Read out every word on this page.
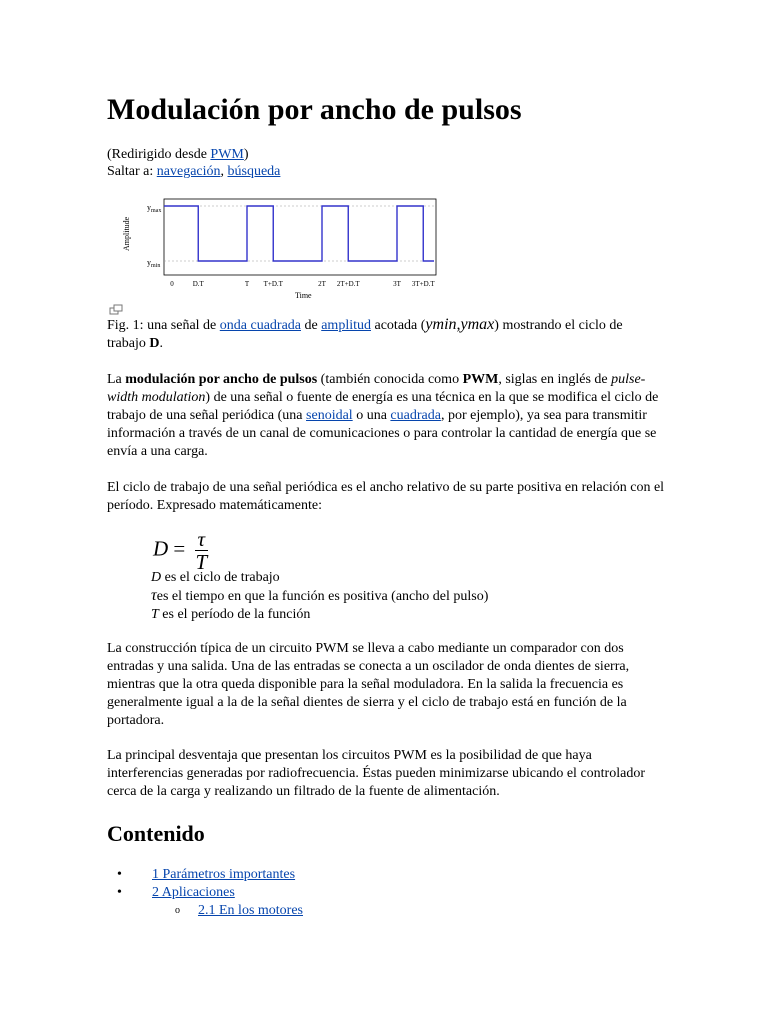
Modulación por ancho de pulsos
(Redirigido desde PWM)
Saltar a: navegación, búsqueda
Amplitude
$y_{max}$
$y_{min}$
0	D.T	T T+D.T	2T 2T+D.T	3T 3T+D.T
Time
Fig. 1: una señal de onda cuadrada de amplitud acotada (ymin,ymax) mostrando el ciclo de trabajo D.

La modulación por ancho de pulsos (también conocida como PWM, siglas en inglés de pulse-width modulation) de una señal o fuente de energía es una técnica en la que se modifica el ciclo de trabajo de una señal periódica (una senoidal o una cuadrada, por ejemplo), ya sea para transmitir información a través de un canal de comunicaciones o para controlar la cantidad de energía que se envía a una carga.

El ciclo de trabajo de una señal periódica es el ancho relativo de su parte positiva en relación con el período. Expresado matemáticamente:

$D = \frac{\tau}{T}$
D es el ciclo de trabajo
τes el tiempo en que la función es positiva (ancho del pulso)
T es el período de la función

La construcción típica de un circuito PWM se lleva a cabo mediante un comparador con dos entradas y una salida. Una de las entradas se conecta a un oscilador de onda dientes de sierra, mientras que la otra queda disponible para la señal moduladora. En la salida la frecuencia es generalmente igual a la de la señal dientes de sierra y el ciclo de trabajo está en función de la portadora.

La principal desventaja que presentan los circuitos PWM es la posibilidad de que haya interferencias generadas por radiofrecuencia. Éstas pueden minimizarse ubicando el controlador cerca de la carga y realizando un filtrado de la fuente de alimentación.

Contenido
• 1 Parámetros importantes
• 2 Aplicaciones
o 2.1 En los motores
